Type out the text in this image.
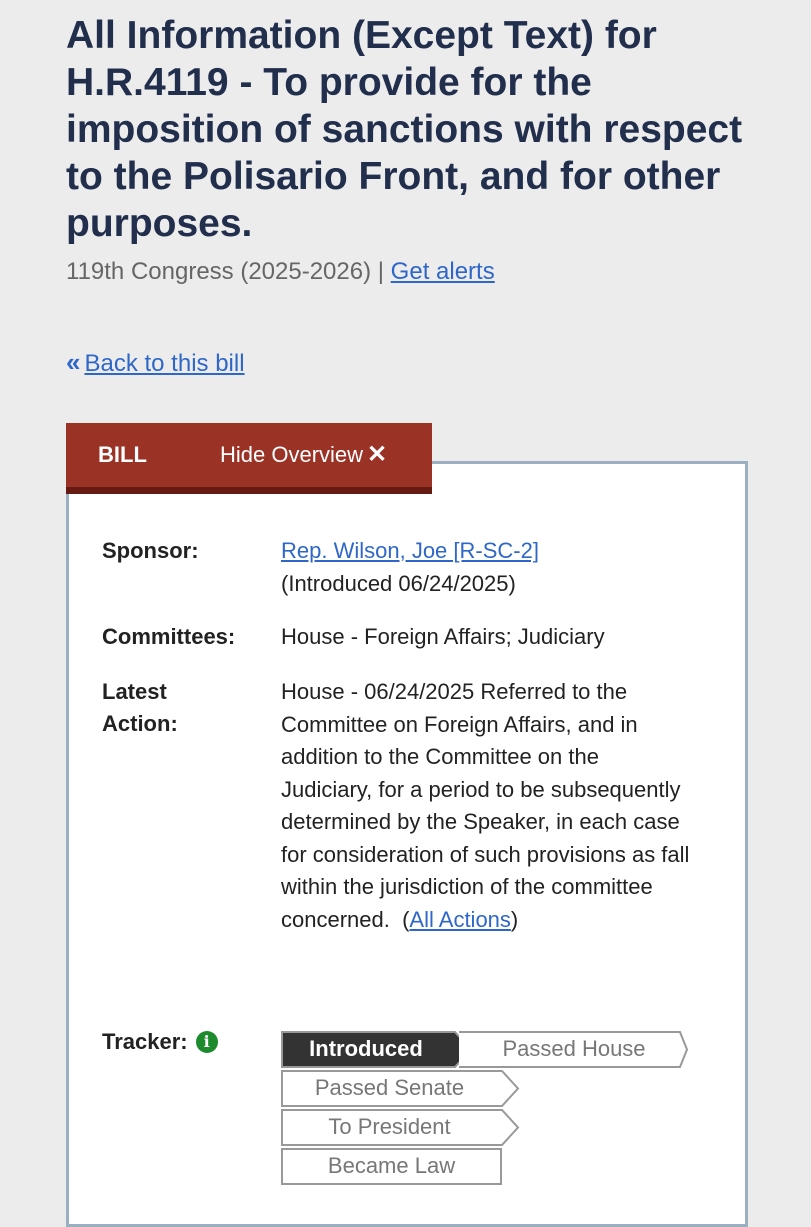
All Information (Except Text) for H.R.4119 - To provide for the imposition of sanctions with respect to the Polisario Front, and for other purposes.
119th Congress (2025-2026) | Get alerts
« Back to this bill
BILL	Hide Overview ✕
Sponsor:	Rep. Wilson, Joe [R-SC-2]
(Introduced 06/24/2025)
Committees: House - Foreign Affairs; Judiciary
Latest
Action:
House - 06/24/2025 Referred to the Committee on Foreign Affairs, and in addition to the Committee on the Judiciary, for a period to be subsequently determined by the Speaker, in each case for consideration of such provisions as fall within the jurisdiction of the committee concerned. (All Actions)
Tracker: i	Introduced	Passed House
Passed Senate
To President
Became Law
